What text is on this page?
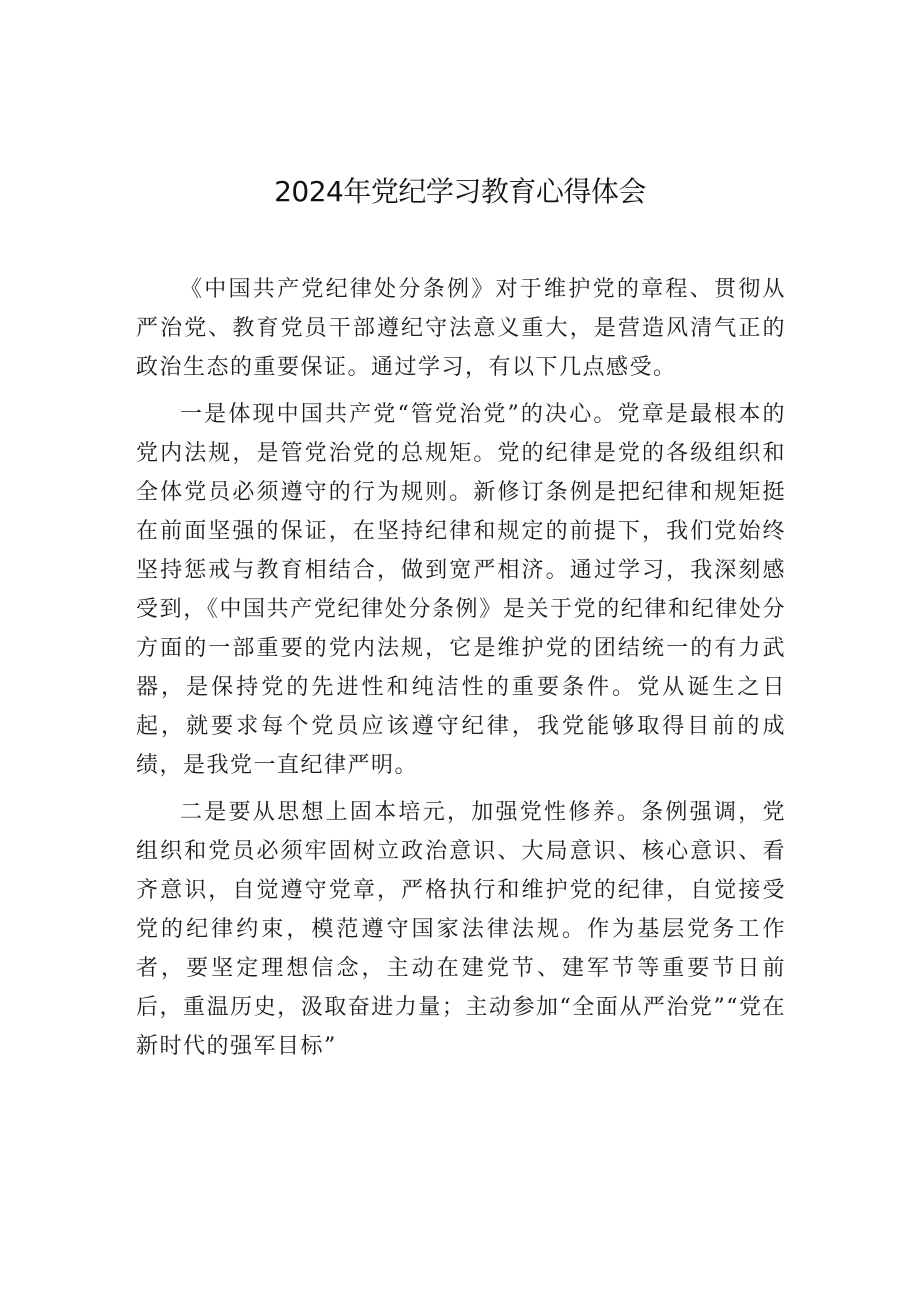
2024年党纪学习教育心得体会

《中国共产党纪律处分条例》对于维护党的章程、贯彻从严治党、教育党员干部遵纪守法意义重大，是营造风清气正的政治生态的重要保证。通过学习，有以下几点感受。

一是体现中国共产党“管党治党”的决心。党章是最根本的党内法规，是管党治党的总规矩。党的纪律是党的各级组织和全体党员必须遵守的行为规则。新修订条例是把纪律和规矩挺在前面坚强的保证，在坚持纪律和规定的前提下，我们党始终坚持惩戒与教育相结合，做到宽严相济。通过学习，我深刻感受到，《中国共产党纪律处分条例》是关于党的纪律和纪律处分方面的一部重要的党内法规，它是维护党的团结统一的有力武器，是保持党的先进性和纯洁性的重要条件。党从诞生之日起，就要求每个党员应该遵守纪律，我党能够取得目前的成绩，是我党一直纪律严明。

二是要从思想上固本培元，加强党性修养。条例强调，党组织和党员必须牢固树立政治意识、大局意识、核心意识、看齐意识，自觉遵守党章，严格执行和维护党的纪律，自觉接受党的纪律约束，模范遵守国家法律法规。作为基层党务工作者，要坚定理想信念，主动在建党节、建军节等重要节日前后，重温历史，汲取奋进力量；主动参加“全面从严治党”“党在新时代的强军目标”
